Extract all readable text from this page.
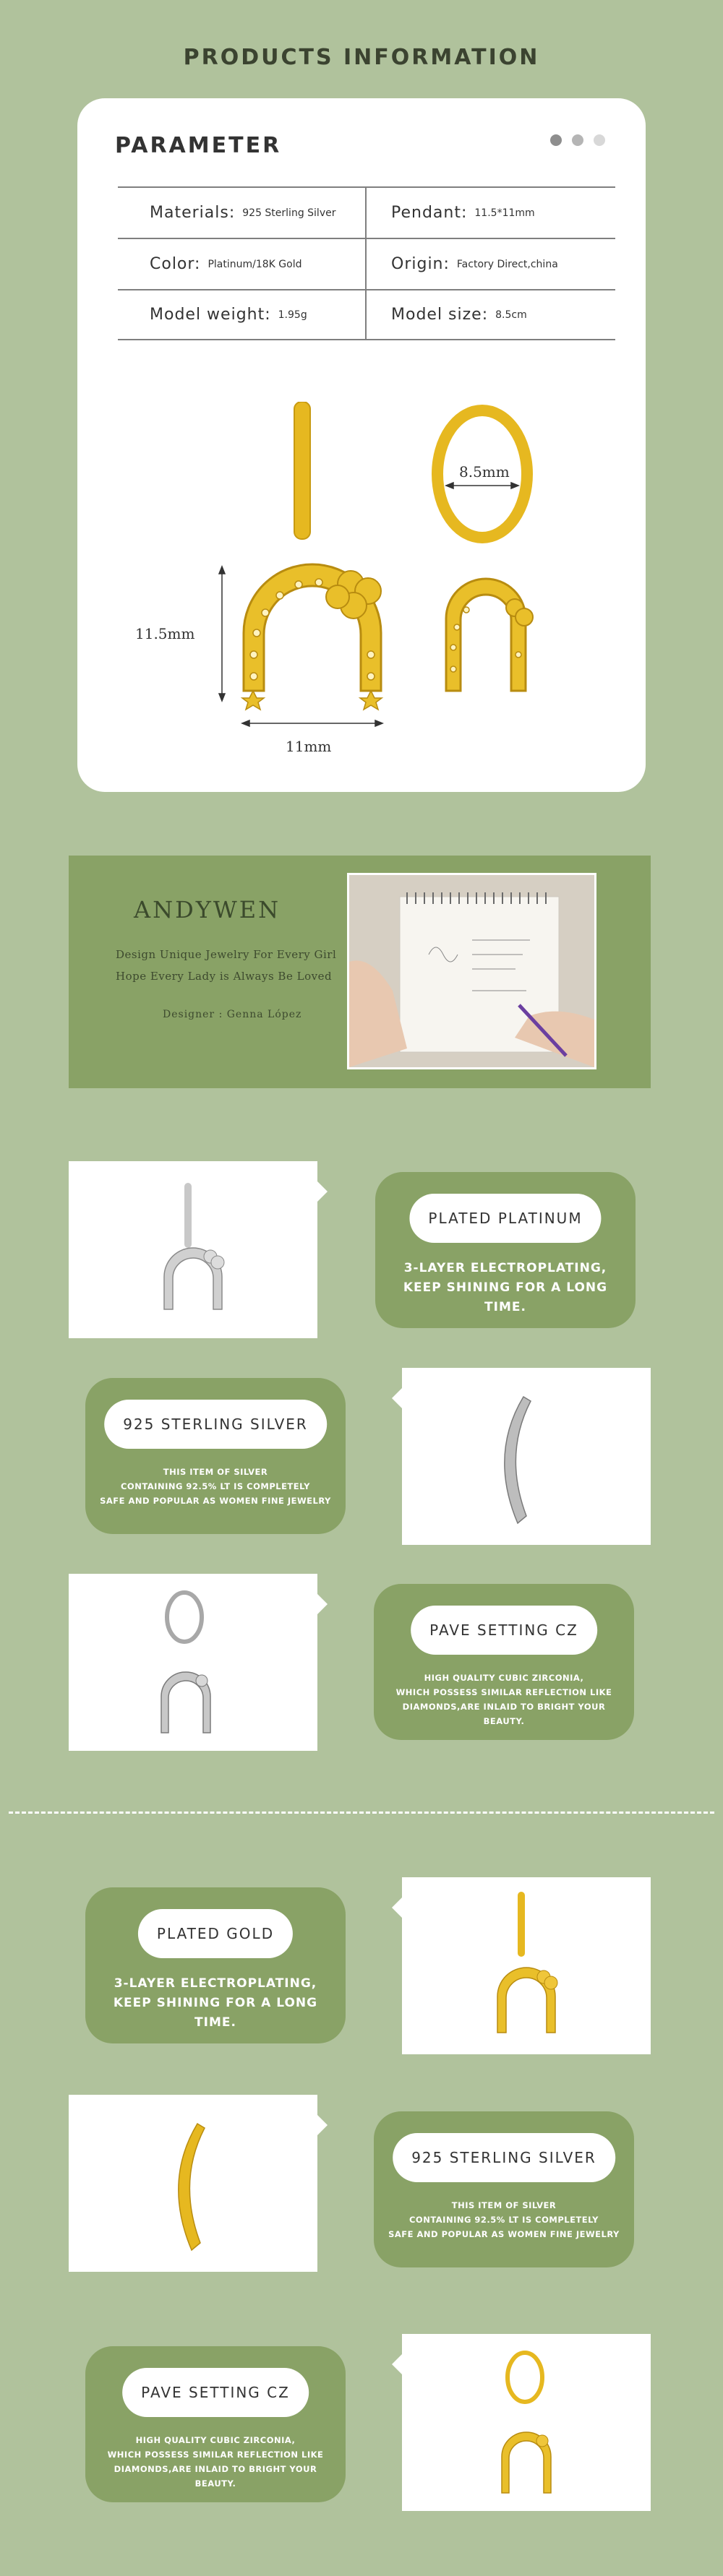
PRODUCTS INFORMATION
PARAMETER
Materials: 925 Sterling Silver	Pendant: 11.5*11mm
Color: Platinum/18K Gold	Origin: Factory Direct,china
Model weight: 1.95g	Model size: 8.5cm
11.5mm
11mm
8.5mm
ANDYWEN
Design Unique Jewelry For Every Girl
Hope Every Lady is Always Be Loved
Designer : Genna López
PLATED PLATINUM
3-LAYER ELECTROPLATING,
KEEP SHINING FOR A LONG TIME.
925 STERLING SILVER
THIS ITEM OF SILVER
CONTAINING 92.5% LT IS COMPLETELY
SAFE AND POPULAR AS WOMEN FINE JEWELRY
PAVE SETTING CZ
HIGH QUALITY CUBIC ZIRCONIA,
WHICH POSSESS SIMILAR REFLECTION LIKE
DIAMONDS,ARE INLAID TO BRIGHT YOUR BEAUTY.
PLATED GOLD
3-LAYER ELECTROPLATING,
KEEP SHINING FOR A LONG TIME.
925 STERLING SILVER
THIS ITEM OF SILVER
CONTAINING 92.5% LT IS COMPLETELY
SAFE AND POPULAR AS WOMEN FINE JEWELRY
PAVE SETTING CZ
HIGH QUALITY CUBIC ZIRCONIA,
WHICH POSSESS SIMILAR REFLECTION LIKE
DIAMONDS,ARE INLAID TO BRIGHT YOUR BEAUTY.
